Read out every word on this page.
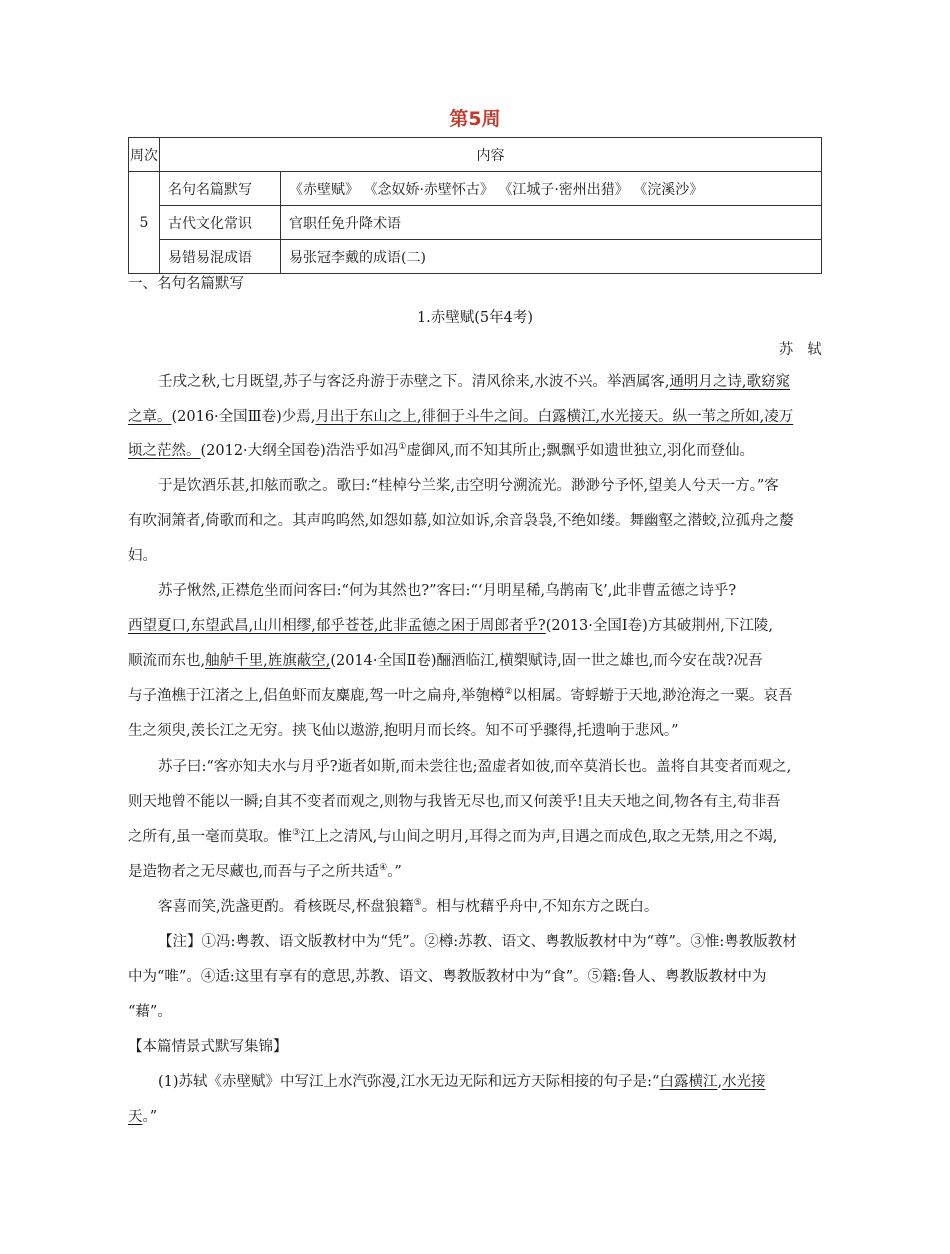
第5周
周次	内容	
5	名句名篇默写	《赤壁赋》 《念奴娇·赤壁怀古》 《江城子·密州出猎》 《浣溪沙》
	古代文化常识	官职任免升降术语
	易错易混成语	易张冠李戴的成语(二)
一、名句名篇默写
1.赤壁赋(5年4考)
苏　轼
壬戌之秋,七月既望,苏子与客泛舟游于赤壁之下。清风徐来,水波不兴。举酒属客,通明月之诗,歌窈窕
之章。(2016·全国Ⅲ卷)少焉,月出于东山之上,徘徊于斗牛之间。白露横江,水光接天。纵一苇之所如,凌万
顷之茫然。(2012·大纲全国卷)浩浩乎如冯①虚御风,而不知其所止;飘飘乎如遗世独立,羽化而登仙。
于是饮酒乐甚,扣舷而歌之。歌曰:“桂棹兮兰桨,击空明兮溯流光。渺渺兮予怀,望美人兮天一方。”客
有吹洞箫者,倚歌而和之。其声呜呜然,如怨如慕,如泣如诉,余音袅袅,不绝如缕。舞幽壑之潜蛟,泣孤舟之嫠
妇。
苏子愀然,正襟危坐而问客曰:“何为其然也?”客曰:“‘月明星稀,乌鹊南飞’,此非曹孟德之诗乎?
西望夏口,东望武昌,山川相缪,郁乎苍苍,此非孟德之困于周郎者乎?(2013·全国Ⅰ卷)方其破荆州,下江陵,
顺流而东也,舳舻千里,旌旗蔽空,(2014·全国Ⅱ卷)酾酒临江,横槊赋诗,固一世之雄也,而今安在哉?况吾
与子渔樵于江渚之上,侣鱼虾而友麋鹿,驾一叶之扁舟,举匏樽②以相属。寄蜉蝣于天地,渺沧海之一粟。哀吾
生之须臾,羡长江之无穷。挟飞仙以遨游,抱明月而长终。知不可乎骤得,托遗响于悲风。”
苏子曰:“客亦知夫水与月乎?逝者如斯,而未尝往也;盈虚者如彼,而卒莫消长也。盖将自其变者而观之,
则天地曾不能以一瞬;自其不变者而观之,则物与我皆无尽也,而又何羡乎!且夫天地之间,物各有主,苟非吾
之所有,虽一毫而莫取。惟③江上之清风,与山间之明月,耳得之而为声,目遇之而成色,取之无禁,用之不竭,
是造物者之无尽藏也,而吾与子之所共适④。”
客喜而笑,洗盏更酌。肴核既尽,杯盘狼籍⑤。相与枕藉乎舟中,不知东方之既白。
【注】①冯:粤教、语文版教材中为“凭”。②樽:苏教、语文、粤教版教材中为“尊”。③惟:粤教版教材
中为“唯”。④适:这里有享有的意思,苏教、语文、粤教版教材中为“食”。⑤籍:鲁人、粤教版教材中为
“藉”。
【本篇情景式默写集锦】
(1)苏轼《赤壁赋》中写江上水汽弥漫,江水无边无际和远方天际相接的句子是:“白露横江,水光接
天。”
